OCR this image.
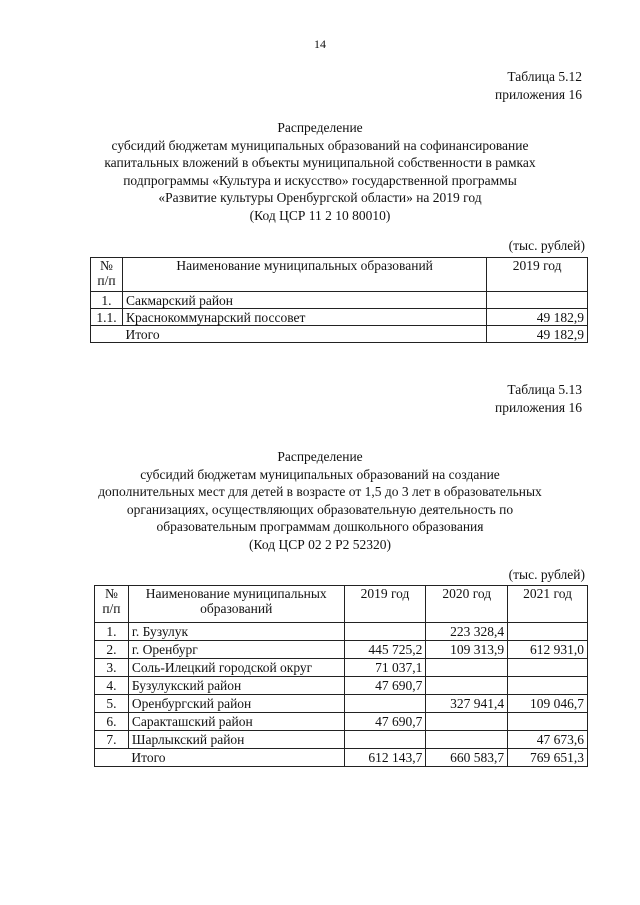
14
Таблица 5.12
приложения 16
Распределение
субсидий бюджетам муниципальных образований на софинансирование
капитальных вложений в объекты муниципальной собственности в рамках
подпрограммы «Культура и искусство» государственной программы
«Развитие культуры Оренбургской области» на 2019 год
(Код ЦСР 11 2 10 80010)
(тыс. рублей)
№ п/п	Наименование муниципальных образований	2019 год
1.	Сакмарский район	
1.1.	Краснокоммунарский поссовет	49 182,9
	Итого	49 182,9
Таблица 5.13
приложения 16
Распределение
субсидий бюджетам муниципальных образований на создание
дополнительных мест для детей в возрасте от 1,5 до 3 лет в образовательных
организациях, осуществляющих образовательную деятельность по
образовательным программам дошкольного образования
(Код ЦСР 02 2 P2 52320)
(тыс. рублей)
№ п/п	Наименование муниципальных
образований	2019 год	2020 год	2021 год
1.	г. Бузулук		223 328,4	
2.	г. Оренбург	445 725,2	109 313,9	612 931,0
3.	Соль-Илецкий городской округ	71 037,1		
4.	Бузулукский район	47 690,7		
5.	Оренбургский район		327 941,4	109 046,7
6.	Саракташский район	47 690,7		
7.	Шарлыкский район			47 673,6
	Итого	612 143,7	660 583,7	769 651,3
